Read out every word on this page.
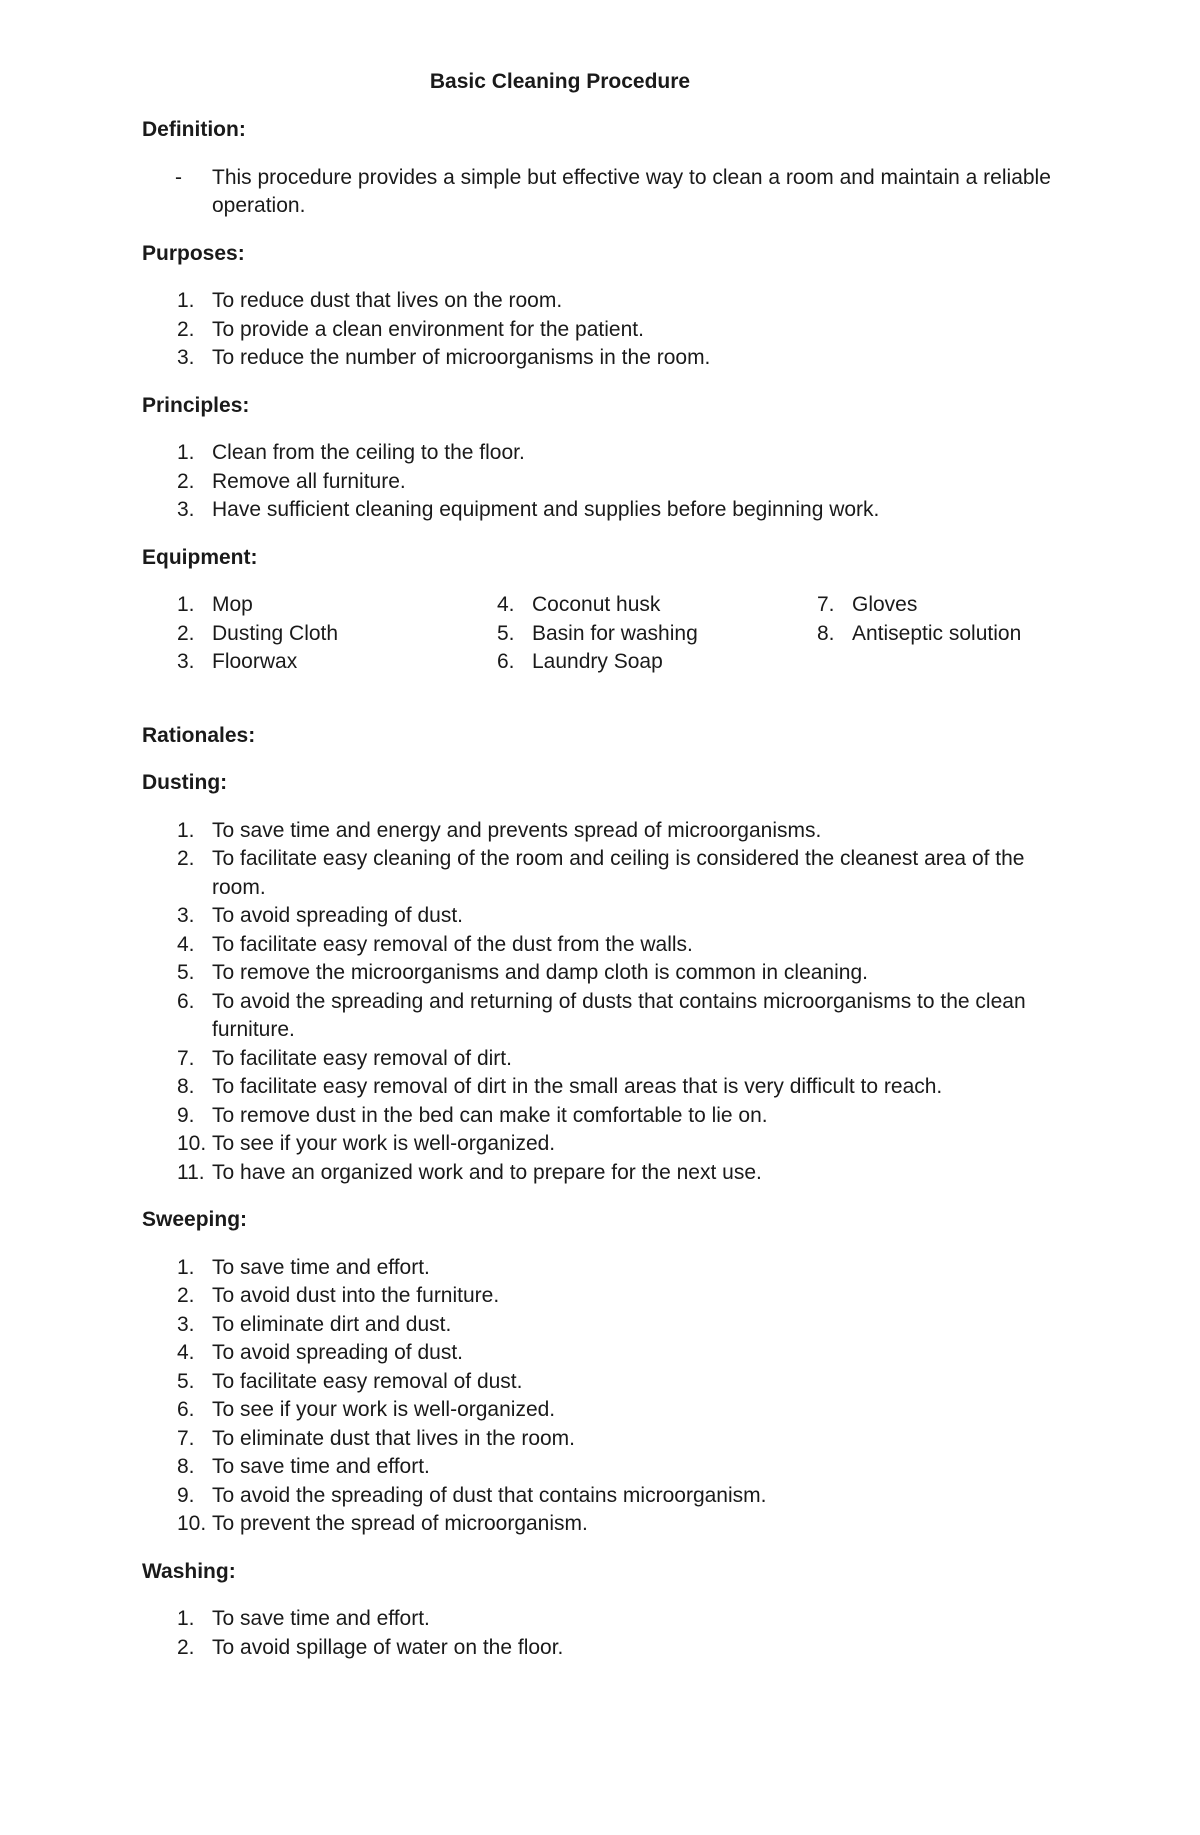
Basic Cleaning Procedure

Definition:

- This procedure provides a simple but effective way to clean a room and maintain a reliable operation.

Purposes:

1. To reduce dust that lives on the room.
2. To provide a clean environment for the patient.
3. To reduce the number of microorganisms in the room.

Principles:

1. Clean from the ceiling to the floor.
2. Remove all furniture.
3. Have sufficient cleaning equipment and supplies before beginning work.

Equipment:

1. Mop
2. Dusting Cloth
3. Floorwax
4. Coconut husk
5. Basin for washing
6. Laundry Soap
7. Gloves
8. Antiseptic solution

Rationales:

Dusting:

1. To save time and energy and prevents spread of microorganisms.
2. To facilitate easy cleaning of the room and ceiling is considered the cleanest area of the room.
3. To avoid spreading of dust.
4. To facilitate easy removal of the dust from the walls.
5. To remove the microorganisms and damp cloth is common in cleaning.
6. To avoid the spreading and returning of dusts that contains microorganisms to the clean furniture.
7. To facilitate easy removal of dirt.
8. To facilitate easy removal of dirt in the small areas that is very difficult to reach.
9. To remove dust in the bed can make it comfortable to lie on.
10. To see if your work is well-organized.
11. To have an organized work and to prepare for the next use.

Sweeping:

1. To save time and effort.
2. To avoid dust into the furniture.
3. To eliminate dirt and dust.
4. To avoid spreading of dust.
5. To facilitate easy removal of dust.
6. To see if your work is well-organized.
7. To eliminate dust that lives in the room.
8. To save time and effort.
9. To avoid the spreading of dust that contains microorganism.
10. To prevent the spread of microorganism.

Washing:

1. To save time and effort.
2. To avoid spillage of water on the floor.
